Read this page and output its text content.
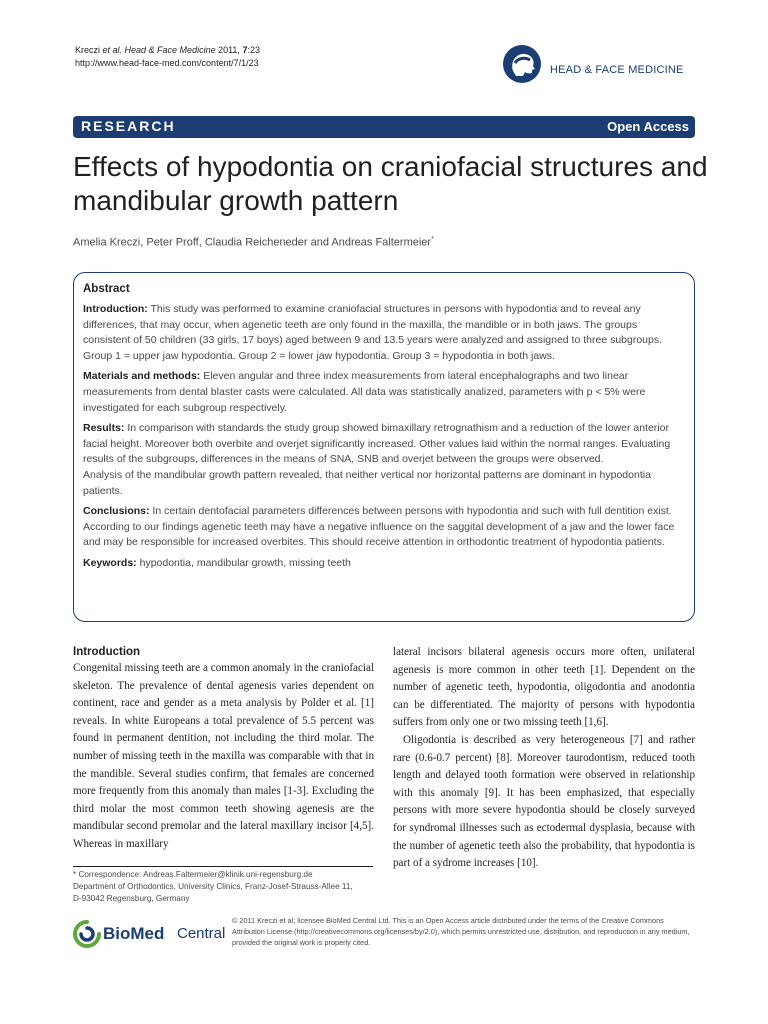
Kreczi et al. Head & Face Medicine 2011, 7:23
http://www.head-face-med.com/content/7/1/23
HEAD & FACE MEDICINE
RESEARCH	Open Access
Effects of hypodontia on craniofacial structures and mandibular growth pattern
Amelia Kreczi, Peter Proff, Claudia Reicheneder and Andreas Faltermeier*
Abstract

Introduction: This study was performed to examine craniofacial structures in persons with hypodontia and to reveal any differences, that may occur, when agenetic teeth are only found in the maxilla, the mandible or in both jaws. The groups consistent of 50 children (33 girls, 17 boys) aged between 9 and 13.5 years were analyzed and assigned to three subgroups. Group 1 = upper jaw hypodontia. Group 2 = lower jaw hypodontia. Group 3 = hypodontia in both jaws.

Materials and methods: Eleven angular and three index measurements from lateral encephalographs and two linear measurements from dental blaster casts were calculated. All data was statistically analized, parameters with p < 5% were investigated for each subgroup respectively.

Results: In comparison with standards the study group showed bimaxillary retrognathism and a reduction of the lower anterior facial height. Moreover both overbite and overjet significantly increased. Other values laid within the normal ranges. Evaluating results of the subgroups, differences in the means of SNA, SNB and overjet between the groups were observed.

Analysis of the mandibular growth pattern revealed, that neither vertical nor horizontal patterns are dominant in hypodontia patients.

Conclusions: In certain dentofacial parameters differences between persons with hypodontia and such with full dentition exist. According to our findings agenetic teeth may have a negative influence on the saggital development of a jaw and the lower face and may be responsible for increased overbites. This should receive attention in orthodontic treatment of hypodontia patients.

Keywords: hypodontia, mandibular growth, missing teeth

Introduction

Congenital missing teeth are a common anomaly in the craniofacial skeleton. The prevalence of dental agenesis varies dependent on continent, race and gender as a meta analysis by Polder et al. [1] reveals. In white Europeans a total prevalence of 5.5 percent was found in permanent dentition, not including the third molar. The number of missing teeth in the maxilla was comparable with that in the mandible. Several studies confirm, that females are concerned more frequently from this anomaly than males [1-3]. Excluding the third molar the most common teeth showing agenesis are the mandibular second premolar and the lateral maxillary incisor [4,5]. Whereas in maxillary

lateral incisors bilateral agenesis occurs more often, unilateral agenesis is more common in other teeth [1]. Dependent on the number of agenetic teeth, hypodontia, oligodontia and anodontia can be differentiated. The majority of persons with hypodontia suffers from only one or two missing teeth [1,6].

Oligodontia is described as very heterogeneous [7] and rather rare (0.6-0.7 percent) [8]. Moreover taurodontism, reduced tooth length and delayed tooth formation were observed in relationship with this anomaly [9]. It has been emphasized, that especially persons with more severe hypodontia should be closely surveyed for syndromal illnesses such as ectodermal dysplasia, because with the number of agenetic teeth also the probability, that hypodontia is part of a sydrome increases [10].

* Correspondence: Andreas.Faltermeier@klinik.uni-regensburg.de
Department of Orthodontics, University Clinics, Franz-Josef-Strauss-Allee 11,
D-93042 Regensburg, Germany
BioMed Central
© 2011 Kreczi et al; licensee BioMed Central Ltd. This is an Open Access article distributed under the terms of the Creative Commons Attribution License (http://creativecommons.org/licenses/by/2.0), which permits unrestricted use, distribution, and reproduction in any medium, provided the original work is properly cited.
